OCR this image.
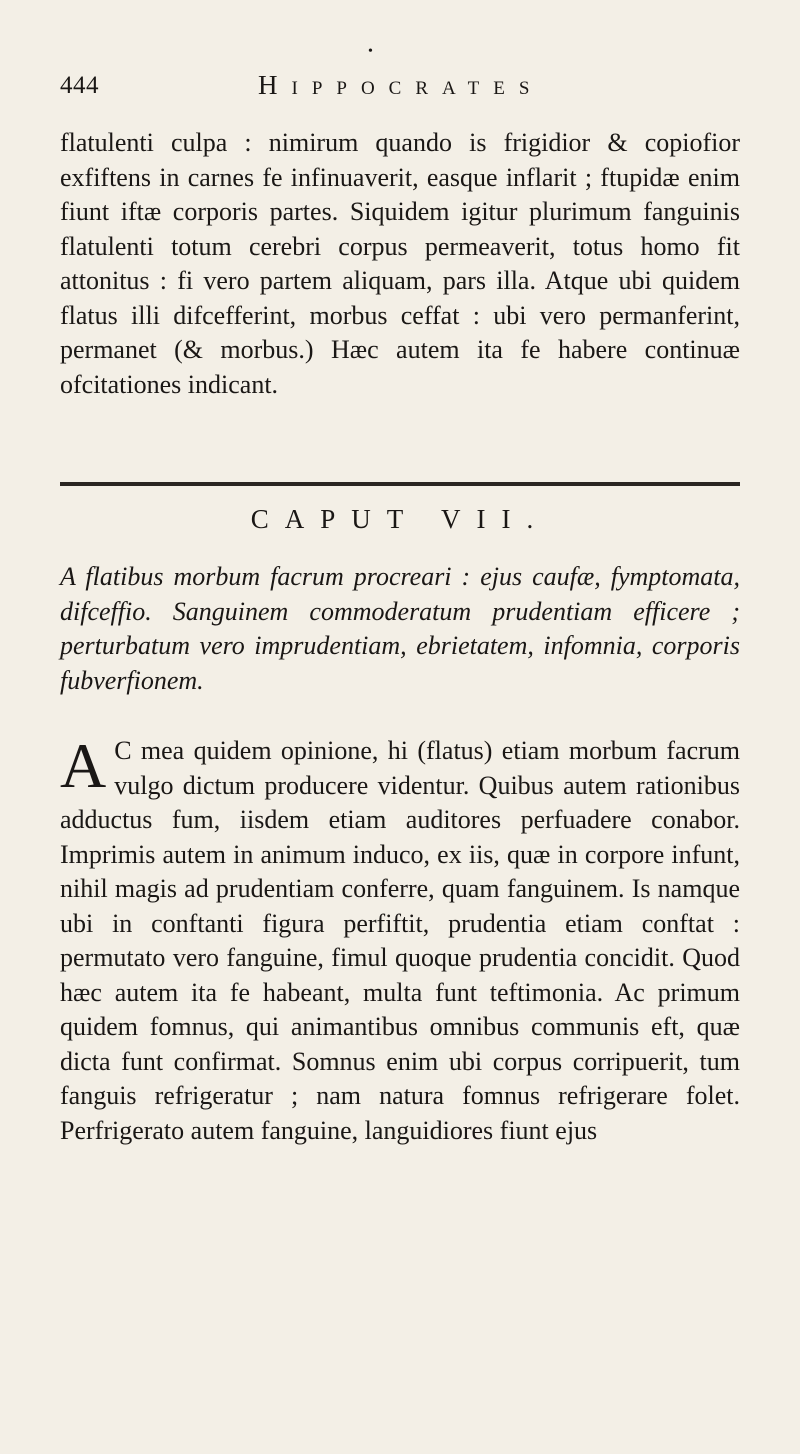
444
•
Hippocrates

flatulenti culpa : nimirum quando is frigidior & copiofior exfiftens in carnes fe infinuaverit, easque inflarit ; ftupidæ enim fiunt iftæ corporis partes. Siquidem igitur plurimum fanguinis flatulenti totum cerebri corpus permeaverit, totus homo fit attonitus : fi vero partem aliquam, pars illa. Atque ubi quidem flatus illi difcefferint, morbus ceffat : ubi vero permanferint, permanet (& morbus.) Hæc autem ita fe habere continuæ ofcitationes indicant.

CAPUT VII.

A flatibus morbum facrum procreari : ejus caufæ, fymptomata, difceffio. Sanguinem commoderatum prudentiam efficere ; perturbatum vero imprudentiam, ebrietatem, infomnia, corporis fubverfionem.

A C mea quidem opinione, hi (flatus) etiam morbum facrum vulgo dictum producere videntur. Quibus autem rationibus adductus fum, iisdem etiam auditores perfuadere conabor. Imprimis autem in animum induco, ex iis, quæ in corpore infunt, nihil magis ad prudentiam conferre, quam fanguinem. Is namque ubi in conftanti figura perfiftit, prudentia etiam conftat : permutato vero fanguine, fimul quoque prudentia concidit. Quod hæc autem ita fe habeant, multa funt teftimonia. Ac primum quidem fomnus, qui animantibus omnibus communis eft, quæ dicta funt confirmat. Somnus enim ubi corpus corripuerit, tum fanguis refrigeratur ; nam natura fomnus refrigerare folet. Perfrigerato autem fanguine, languidiores fiunt ejus
